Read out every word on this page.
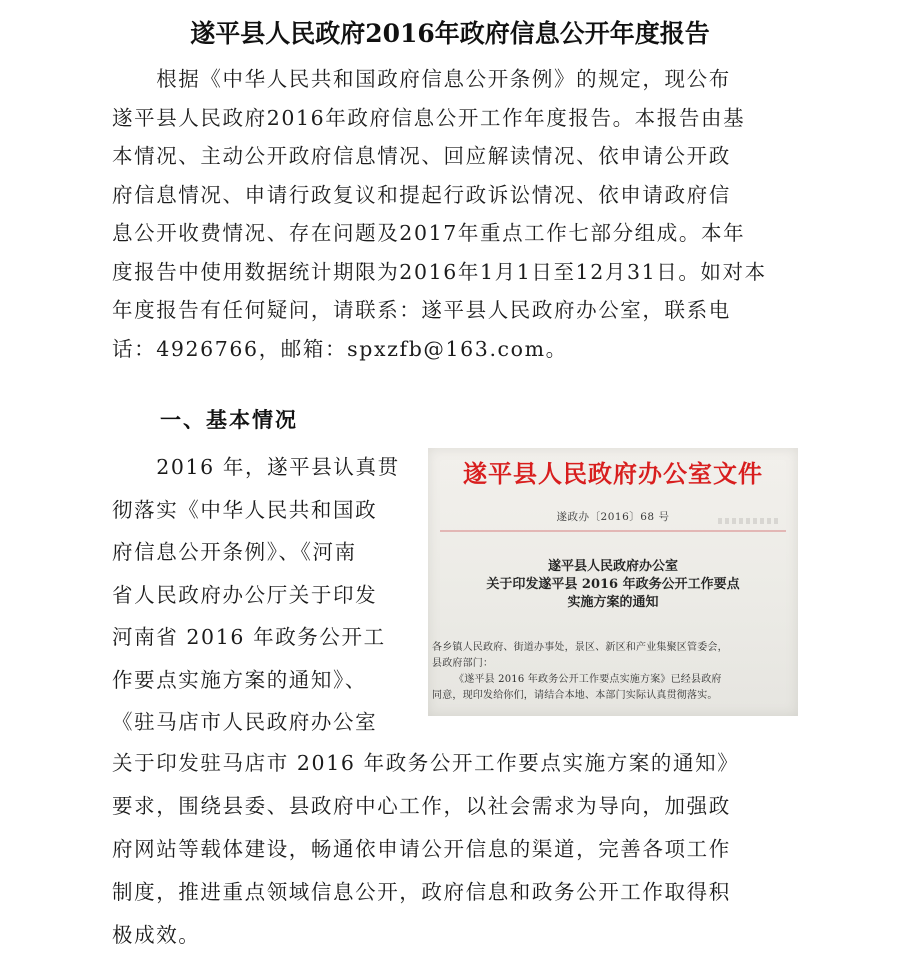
遂平县人民政府2016年政府信息公开年度报告
　　根据《中华人民共和国政府信息公开条例》的规定，现公布
遂平县人民政府2016年政府信息公开工作年度报告。本报告由基
本情况、主动公开政府信息情况、回应解读情况、依申请公开政
府信息情况、申请行政复议和提起行政诉讼情况、依申请政府信
息公开收费情况、存在问题及2017年重点工作七部分组成。本年
度报告中使用数据统计期限为2016年1月1日至12月31日。如对本
年度报告有任何疑问，请联系：遂平县人民政府办公室，联系电
话：4926766，邮箱：spxzfb@163.com。
一、基本情况
　　2016 年，遂平县认真贯
彻落实《中华人民共和国政
府信息公开条例》、《河南
省人民政府办公厅关于印发
河南省 2016 年政务公开工
作要点实施方案的通知》、
《驻马店市人民政府办公室
遂平县人民政府办公室文件
遂政办〔2016〕68 号
遂平县人民政府办公室
关于印发遂平县 2016 年政务公开工作要点
实施方案的通知
各乡镇人民政府、街道办事处，景区、新区和产业集聚区管委会，
县政府部门：
《遂平县 2016 年政务公开工作要点实施方案》已经县政府
同意，现印发给你们，请结合本地、本部门实际认真贯彻落实。
关于印发驻马店市 2016 年政务公开工作要点实施方案的通知》
要求，围绕县委、县政府中心工作，以社会需求为导向，加强政
府网站等载体建设，畅通依申请公开信息的渠道，完善各项工作
制度，推进重点领域信息公开，政府信息和政务公开工作取得积
极成效。
